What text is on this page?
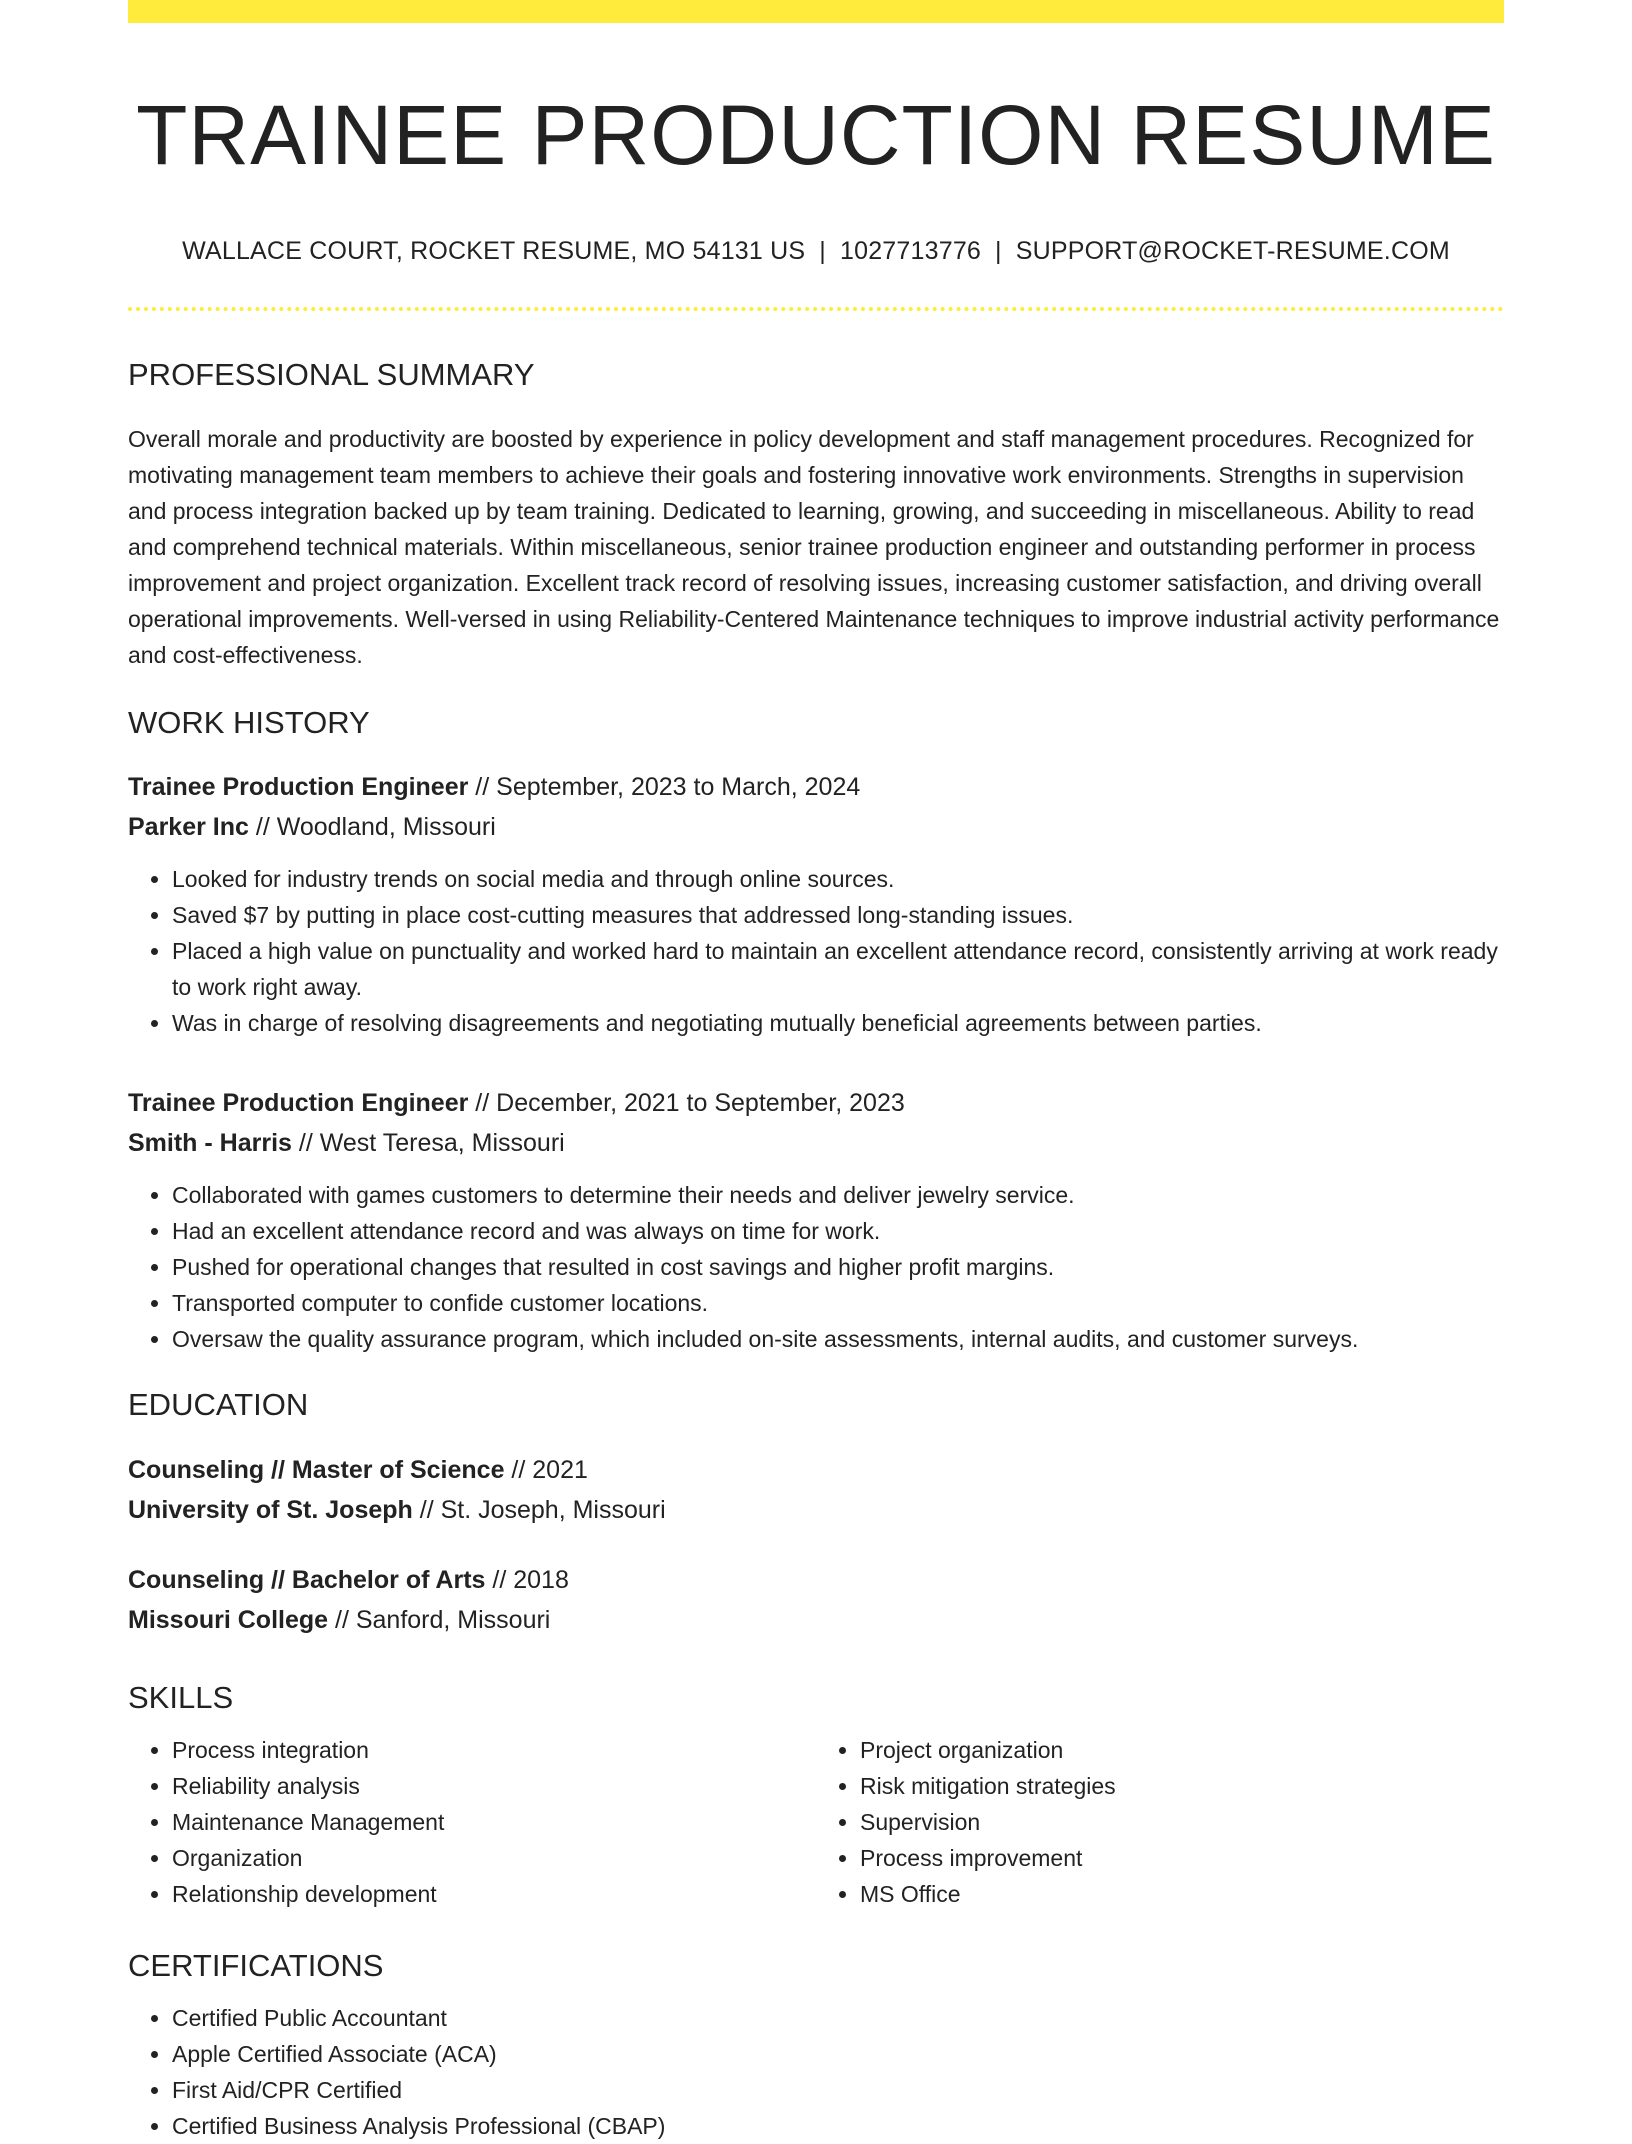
TRAINEE PRODUCTION RESUME
WALLACE COURT, ROCKET RESUME, MO 54131 US | 1027713776 | SUPPORT@ROCKET-RESUME.COM
PROFESSIONAL SUMMARY

Overall morale and productivity are boosted by experience in policy development and staff management procedures. Recognized for motivating management team members to achieve their goals and fostering innovative work environments. Strengths in supervision and process integration backed up by team training. Dedicated to learning, growing, and succeeding in miscellaneous. Ability to read and comprehend technical materials. Within miscellaneous, senior trainee production engineer and outstanding performer in process improvement and project organization. Excellent track record of resolving issues, increasing customer satisfaction, and driving overall operational improvements. Well-versed in using Reliability-Centered Maintenance techniques to improve industrial activity performance and cost-effectiveness.

WORK HISTORY
Trainee Production Engineer // September, 2023 to March, 2024
Parker Inc // Woodland, Missouri
• Looked for industry trends on social media and through online sources.
• Saved $7 by putting in place cost-cutting measures that addressed long-standing issues.
• Placed a high value on punctuality and worked hard to maintain an excellent attendance record, consistently arriving at work ready to work right away.
• Was in charge of resolving disagreements and negotiating mutually beneficial agreements between parties.
Trainee Production Engineer // December, 2021 to September, 2023
Smith - Harris // West Teresa, Missouri
• Collaborated with games customers to determine their needs and deliver jewelry service.
• Had an excellent attendance record and was always on time for work.
• Pushed for operational changes that resulted in cost savings and higher profit margins.
• Transported computer to confide customer locations.
• Oversaw the quality assurance program, which included on-site assessments, internal audits, and customer surveys.
EDUCATION
Counseling // Master of Science // 2021
University of St. Joseph // St. Joseph, Missouri
Counseling // Bachelor of Arts // 2018
Missouri College // Sanford, Missouri
SKILLS
• Process integration
• Reliability analysis
• Maintenance Management
• Organization
• Relationship development
• Project organization
• Risk mitigation strategies
• Supervision
• Process improvement
• MS Office
CERTIFICATIONS
• Certified Public Accountant
• Apple Certified Associate (ACA)
• First Aid/CPR Certified
• Certified Business Analysis Professional (CBAP)
